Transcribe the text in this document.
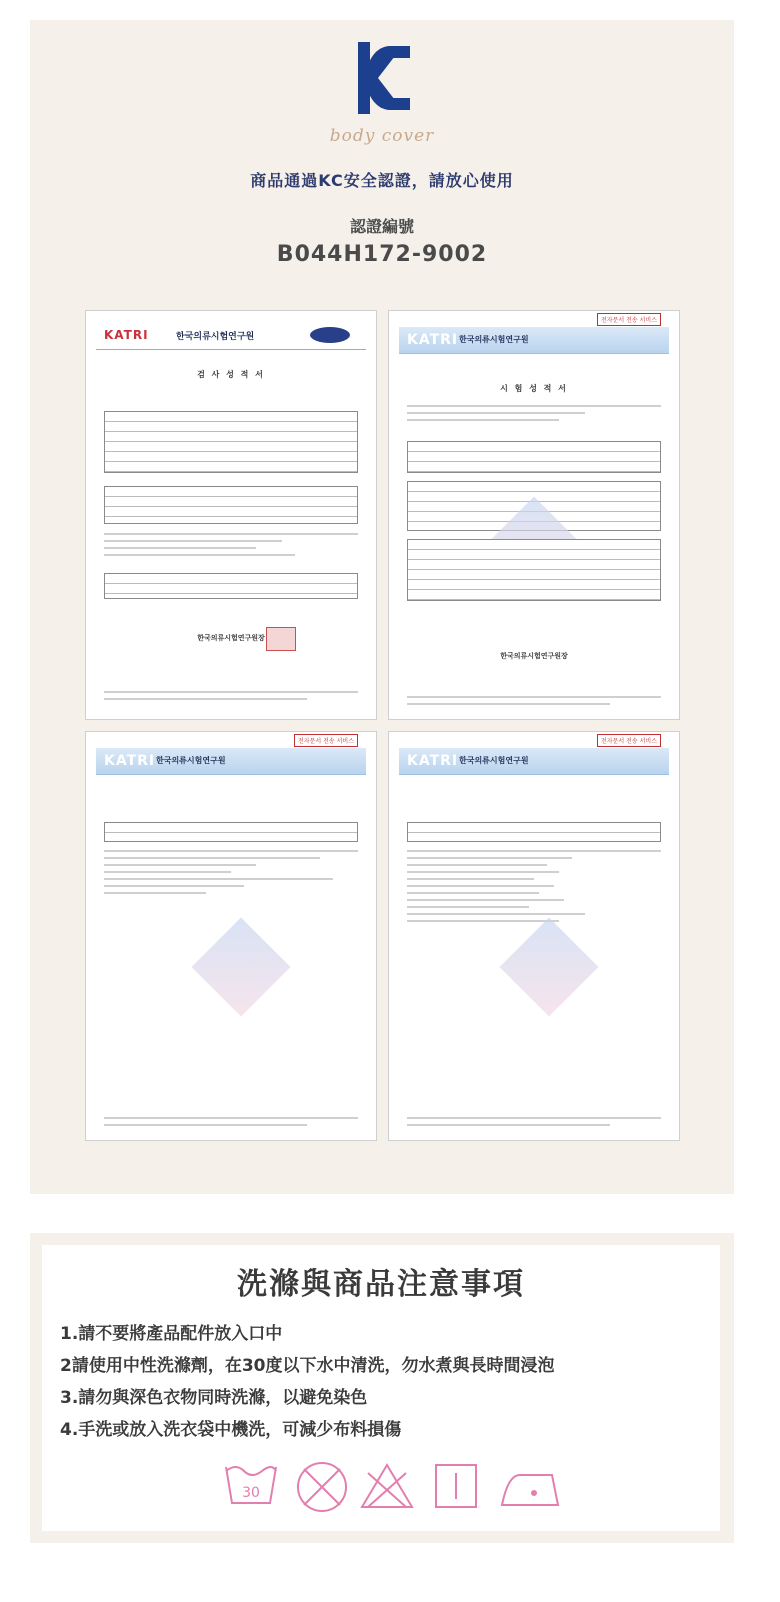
body cover
商品通過KC安全認證，請放心使用
認證編號
B044H172-9002
KATRI	한국의류시험연구원
검 사 성 적 서
한국의류시험연구원장
KATRI 한국의류시험연구원
전자문서 전송 서비스
시 험 성 적 서
한국의류시험연구원장
KATRI 한국의류시험연구원
전자문서 전송 서비스
KATRI 한국의류시험연구원
전자문서 전송 서비스
洗滌與商品注意事項
1.請不要將產品配件放入口中
2請使用中性洗滌劑，在30度以下水中清洗，勿水煮與長時間浸泡
3.請勿與深色衣物同時洗滌，以避免染色
4.手洗或放入洗衣袋中機洗，可減少布料損傷
30
